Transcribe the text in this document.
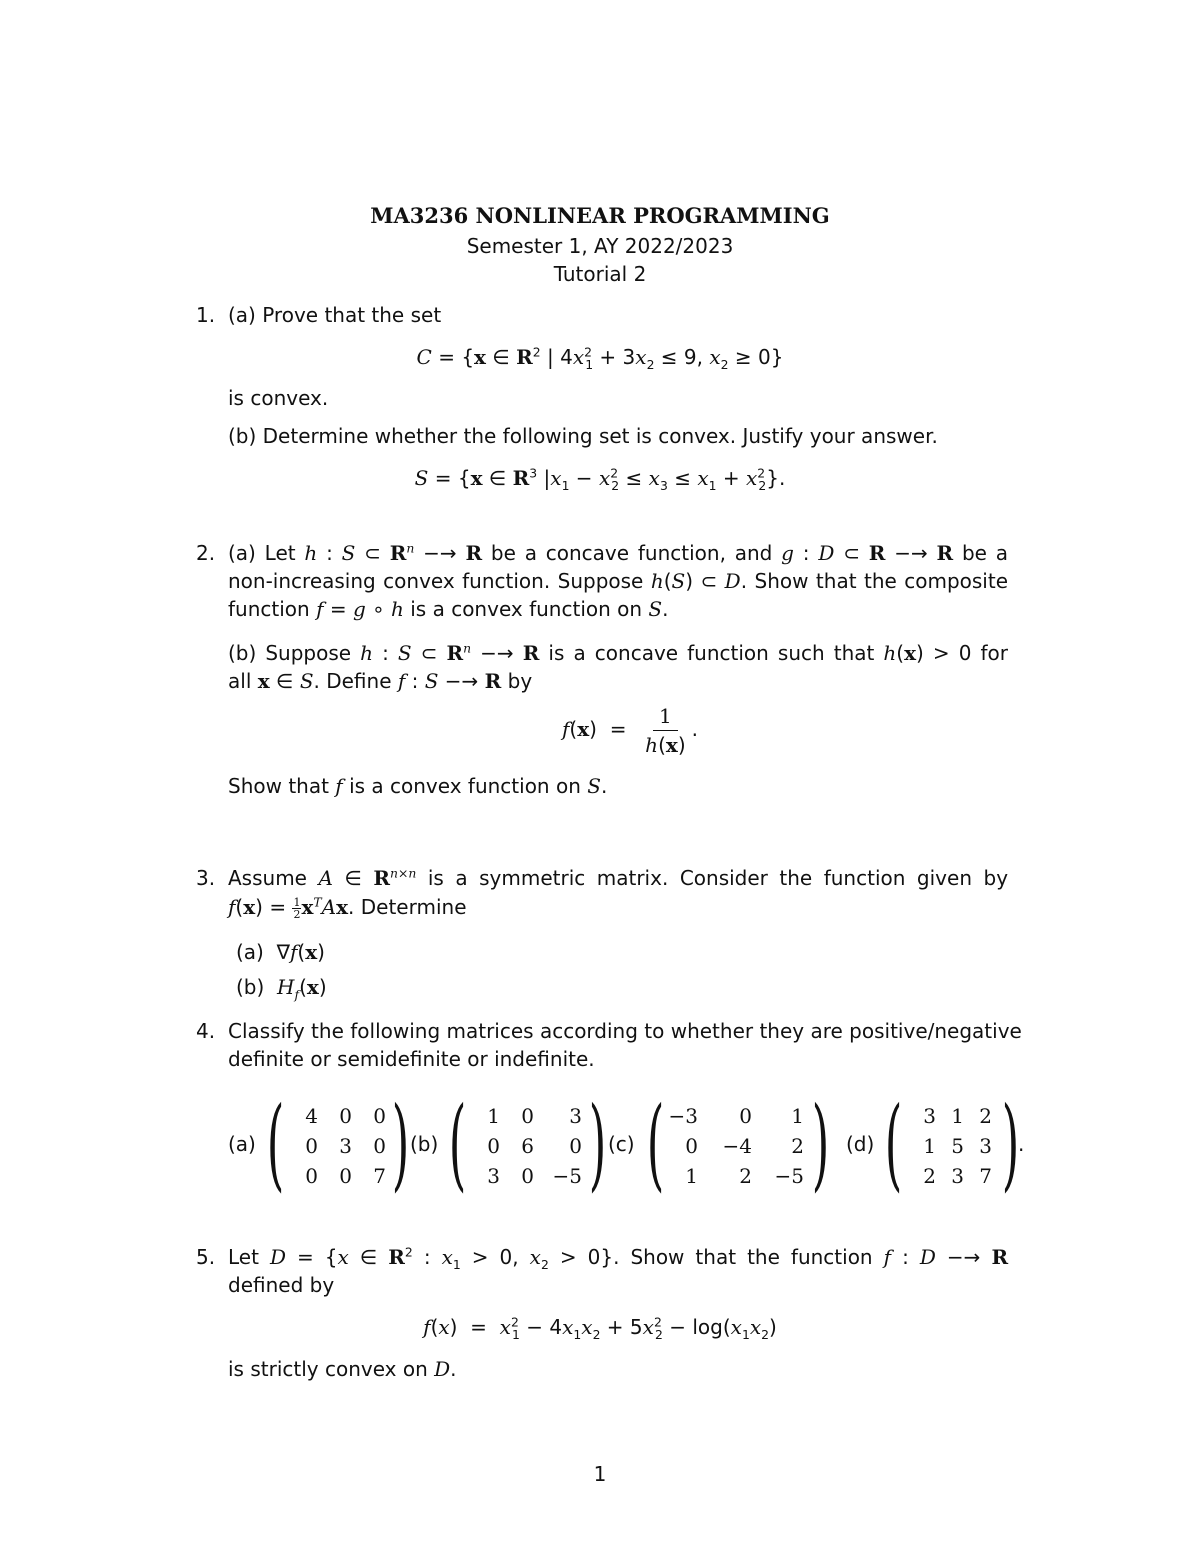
MA3236 NONLINEAR PROGRAMMING
Semester 1, AY 2022/2023
Tutorial 2
1. (a) Prove that the set
C = {x ∈ $R^2$ | $4x^2_1 + 3x_2 \le 9$, $x_2 \ge 0$}
is convex.
(b) Determine whether the following set is convex. Justify your answer.
S = {x ∈ $R^3$ $|x_1 - x^2_2 \le x_3 \le x_1 + x^2_2$}.
2. (a) Let h : S ⊂ $R^n -\to R$ be a concave function, and g : D ⊂ R −→ R be a
non-increasing convex function. Suppose h(S) ⊂ D. Show that the composite
function f = g ∘ h is a convex function on S.
(b) Suppose h : S ⊂ $R^n -\to R$ is a concave function such that h(x) > 0 for
all x ∈ S. Define f : S −→ R by
$f(x) = \frac{1}{h(x)}$ .
Show that f is a convex function on S.
3. Assume A ∈ $R^{n\times n}$ is a symmetric matrix. Consider the function given by
$f(x) = \frac{1}{2} x^TAx$. Determine
(a)  ∇f(x)
(b) $H_f(x)$
4. Classify the following matrices according to whether they are positive/negative
definite or semidefinite or indefinite.
(a) ( )
4	0	0
0	3	0
0	0	7
(b) ( )
1	0	3
0	6	0
3	0 −5
(c) ( )
−3	0	1
0	−4	2
1	2	−5
(d) ( )
3 1 2
1 5 3
2 3 7
.
5. Let D = {x ∈ $R^2$ : $x_1 > 0$, $x_2 > 0$}. Show that the function f : D −→ R
defined by
$f(x) = x^2_1 - 4x_1x_2 + 5x^2_2 - \log(x_1x_2)$
is strictly convex on D.
1
